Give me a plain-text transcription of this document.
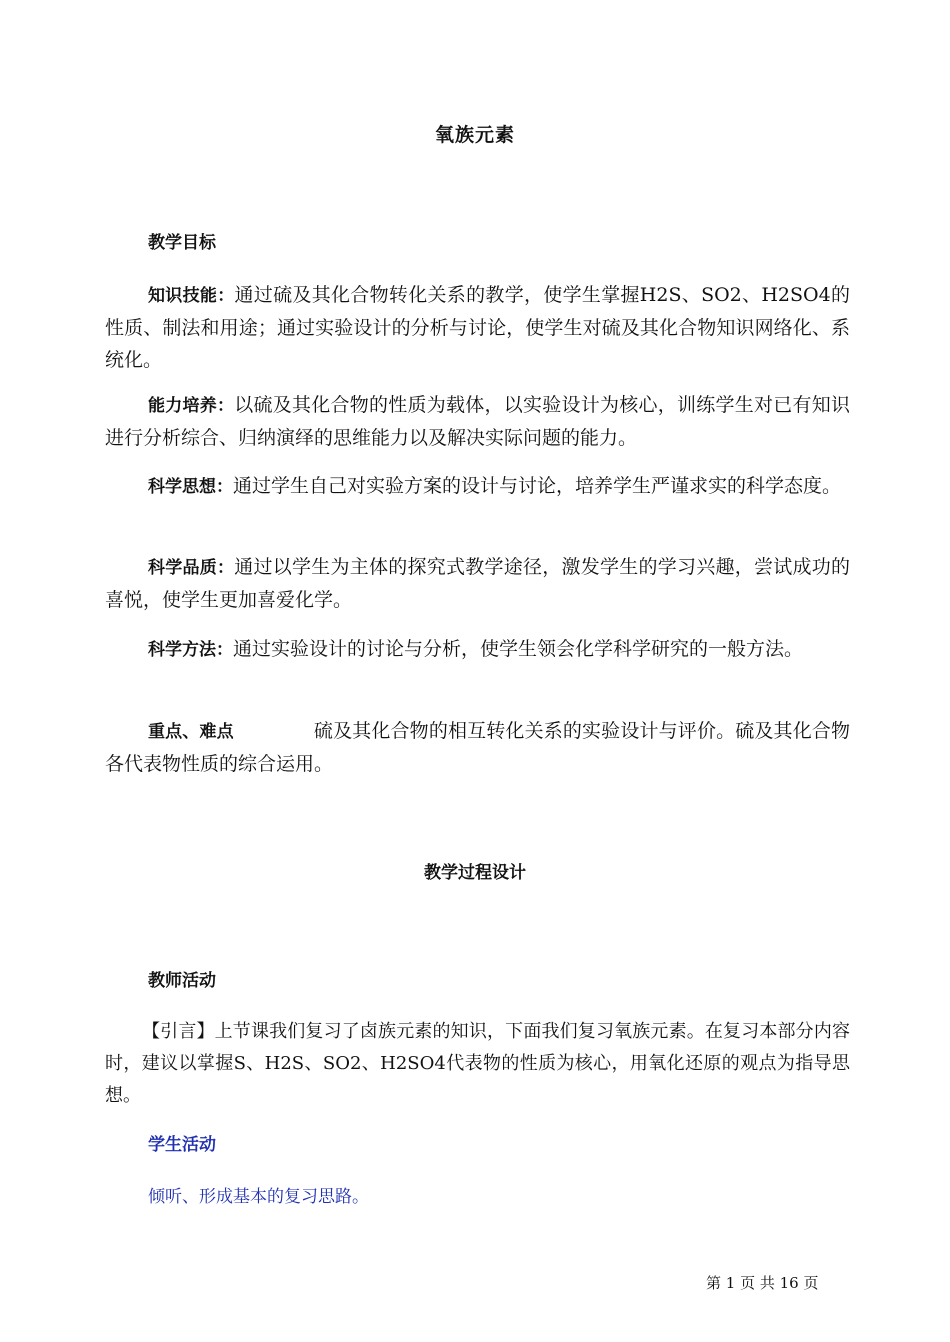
氧族元素
教学目标
知识技能：通过硫及其化合物转化关系的教学，使学生掌握H2S、SO2、H2SO4的性质、制法和用途；通过实验设计的分析与讨论，使学生对硫及其化合物知识网络化、系统化。
能力培养：以硫及其化合物的性质为载体，以实验设计为核心，训练学生对已有知识进行分析综合、归纳演绎的思维能力以及解决实际问题的能力。
科学思想：通过学生自己对实验方案的设计与讨论，培养学生严谨求实的科学态度。
科学品质：通过以学生为主体的探究式教学途径，激发学生的学习兴趣，尝试成功的喜悦，使学生更加喜爱化学。
科学方法：通过实验设计的讨论与分析，使学生领会化学科学研究的一般方法。
重点、难点	硫及其化合物的相互转化关系的实验设计与评价。硫及其化合物各代表物性质的综合运用。
教学过程设计
教师活动
【引言】上节课我们复习了卤族元素的知识，下面我们复习氧族元素。在复习本部分内容时，建议以掌握S、H2S、SO2、H2SO4代表物的性质为核心，用氧化还原的观点为指导思想。
学生活动
倾听、形成基本的复习思路。
第 1 页 共 16 页
